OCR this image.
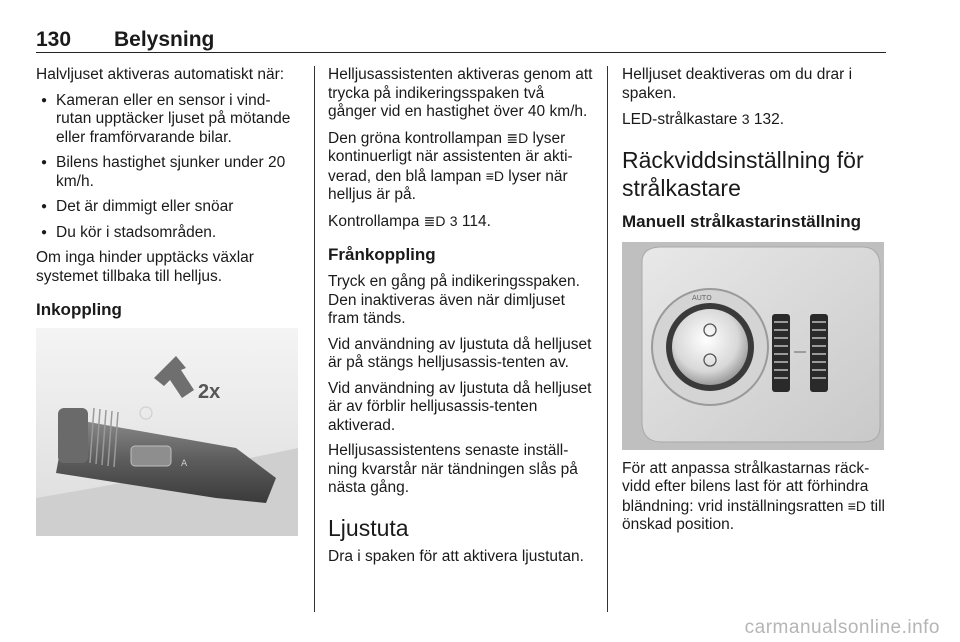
130 Belysning

Halvljuset aktiveras automatiskt när:

● Kameran eller en sensor i vind-rutan upptäcker ljuset på mötande eller framförvarande bilar.
● Bilens hastighet sjunker under 20 km/h.
● Det är dimmigt eller snöar
● Du kör i stadsområden.

Om inga hinder upptäcks växlar systemet tillbaka till helljus.

Inkoppling
A
2x

Helljusassistenten aktiveras genom att trycka på indikeringsspaken två gånger vid en hastighet över 40 km/h.

Den gröna kontrollampan ≣D lyser kontinuerligt när assistenten är akti-verad, den blå lampan ≡D lyser när helljus är på.

Kontrollampa ≣D 3 114.

Frånkoppling

Tryck en gång på indikeringsspaken. Den inaktiveras även när dimljuset fram tänds.

Vid användning av ljustuta då helljuset är på stängs helljusassis-tenten av.

Vid användning av ljustuta då helljuset är av förblir helljusassis-tenten aktiverad.

Helljusassistentens senaste inställ-ning kvarstår när tändningen slås på nästa gång.

Ljustuta

Dra i spaken för att aktivera ljustutan.

Helljuset deaktiveras om du drar i spaken.

LED-strålkastare 3 132.

Räckviddsinställning för strålkastare
Manuell strålkastarinställning
AUTO

För att anpassa strålkastarnas räck-vidd efter bilens last för att förhindra bländning: vrid inställningsratten ≡D till önskad position.

carmanualsonline.info
